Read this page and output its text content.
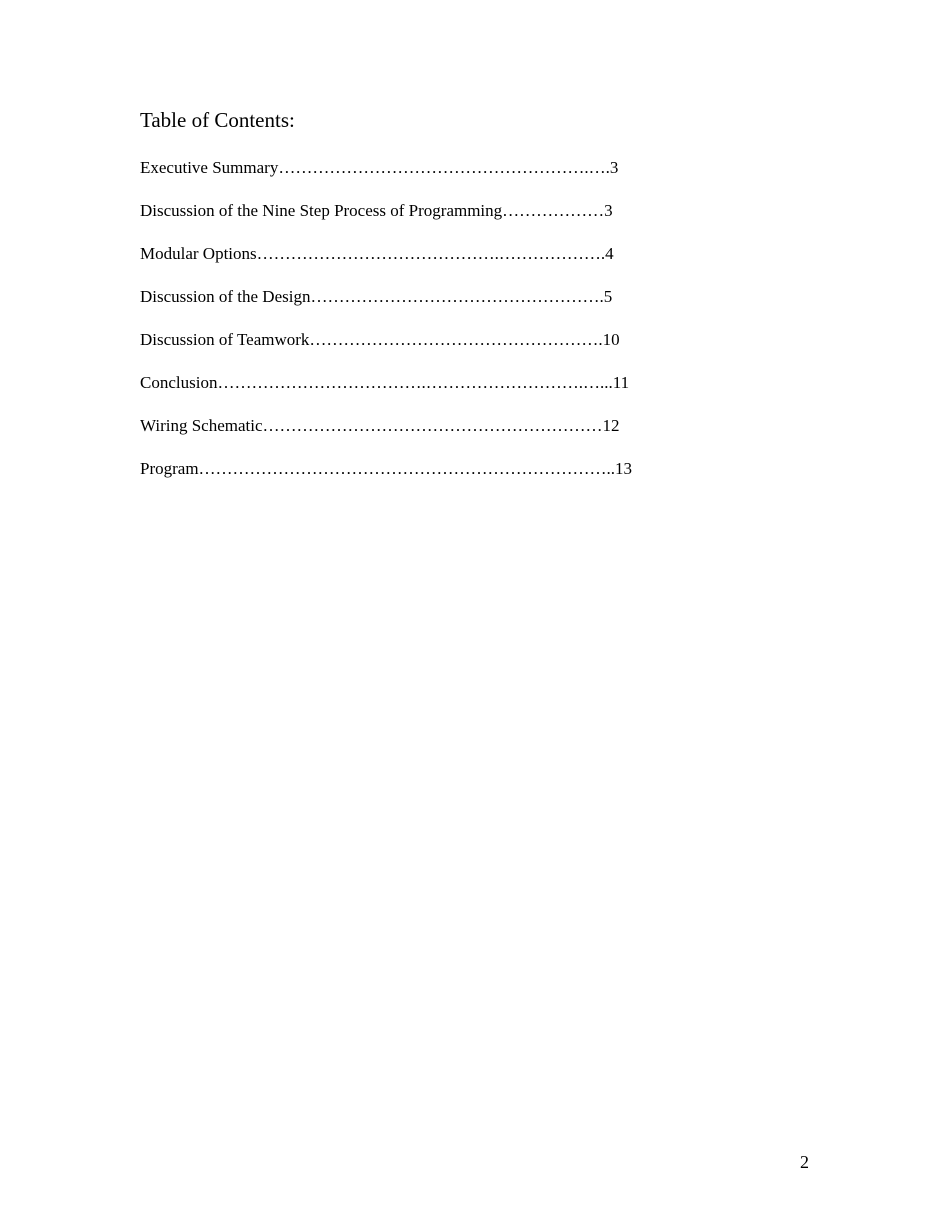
Table of Contents:
Executive Summary……………………………………………….….3
Discussion of the Nine Step Process of Programming………………3
Modular Options…………………………………….……………….4
Discussion of the Design…………………………………………….5
Discussion of Teamwork…………………………………………….10
Conclusion……………………………….……………………….…...11
Wiring Schematic……………………………………………………12
Program………………………………………………………………..13
2
